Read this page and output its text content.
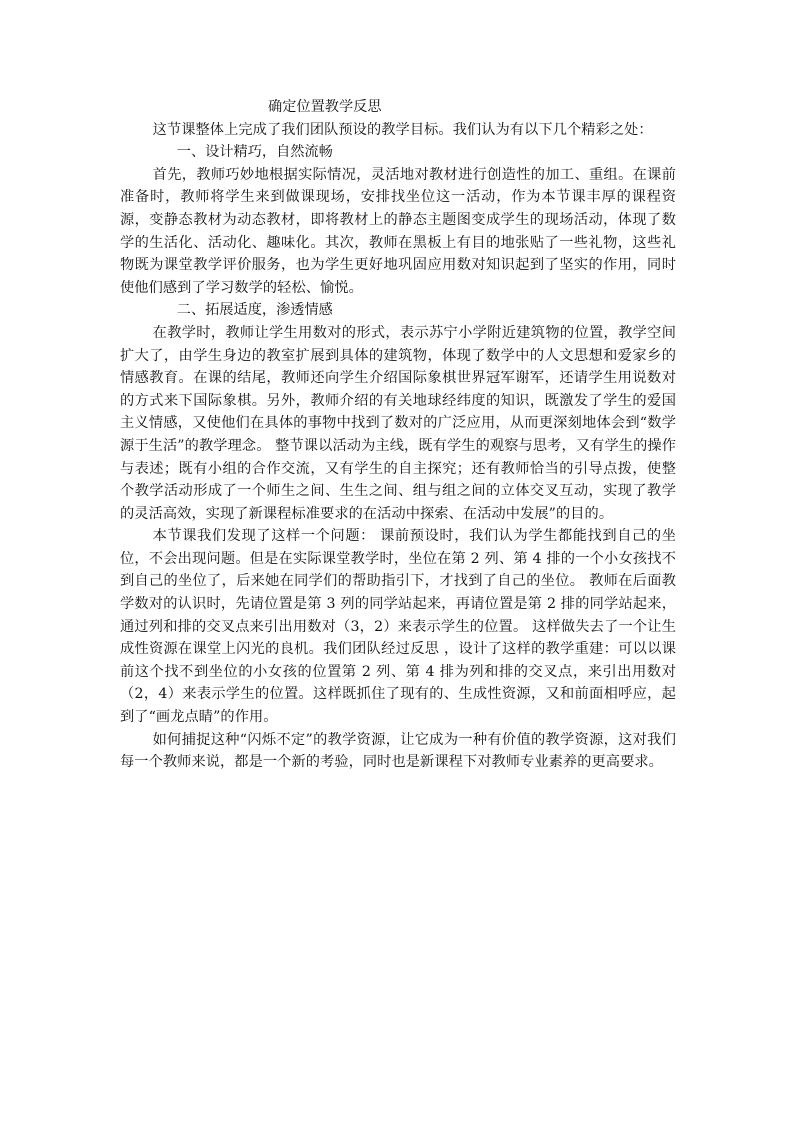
确定位置教学反思

这节课整体上完成了我们团队预设的教学目标。我们认为有以下几个精彩之处：

一、设计精巧，自然流畅

首先，教师巧妙地根据实际情况，灵活地对教材进行创造性的加工、重组。在课前准备时，教师将学生来到做课现场，安排找坐位这一活动，作为本节课丰厚的课程资源，变静态教材为动态教材，即将教材上的静态主题图变成学生的现场活动，体现了数学的生活化、活动化、趣味化。其次，教师在黑板上有目的地张贴了一些礼物，这些礼物既为课堂教学评价服务，也为学生更好地巩固应用数对知识起到了坚实的作用，同时使他们感到了学习数学的轻松、愉悦。

二、拓展适度，渗透情感

在教学时，教师让学生用数对的形式，表示苏宁小学附近建筑物的位置，教学空间扩大了，由学生身边的教室扩展到具体的建筑物，体现了数学中的人文思想和爱家乡的情感教育。在课的结尾，教师还向学生介绍国际象棋世界冠军谢军，还请学生用说数对的方式来下国际象棋。另外，教师介绍的有关地球经纬度的知识，既激发了学生的爱国主义情感，又使他们在具体的事物中找到了数对的广泛应用，从而更深刻地体会到“数学源于生活”的教学理念。 整节课以活动为主线，既有学生的观察与思考，又有学生的操作与表述；既有小组的合作交流，又有学生的自主探究；还有教师恰当的引导点拨，使整个教学活动形成了一个师生之间、生生之间、组与组之间的立体交叉互动，实现了教学的灵活高效，实现了新课程标准要求的在活动中探索、在活动中发展”的目的。

本节课我们发现了这样一个问题： 课前预设时，我们认为学生都能找到自己的坐位，不会出现问题。但是在实际课堂教学时，坐位在第 2 列、第 4 排的一个小女孩找不到自己的坐位了，后来她在同学们的帮助指引下，才找到了自己的坐位。 教师在后面教学数对的认识时，先请位置是第 3 列的同学站起来，再请位置是第 2 排的同学站起来，通过列和排的交叉点来引出用数对（3，2）来表示学生的位置。 这样做失去了一个让生成性资源在课堂上闪光的良机。我们团队经过反思 ，设计了这样的教学重建：可以以课前这个找不到坐位的小女孩的位置第 2 列、第 4 排为列和排的交叉点，来引出用数对（2，4）来表示学生的位置。这样既抓住了现有的、生成性资源，又和前面相呼应，起到了“画龙点睛”的作用。

如何捕捉这种“闪烁不定”的教学资源，让它成为一种有价值的教学资源，这对我们每一个教师来说，都是一个新的考验，同时也是新课程下对教师专业素养的更高要求。
